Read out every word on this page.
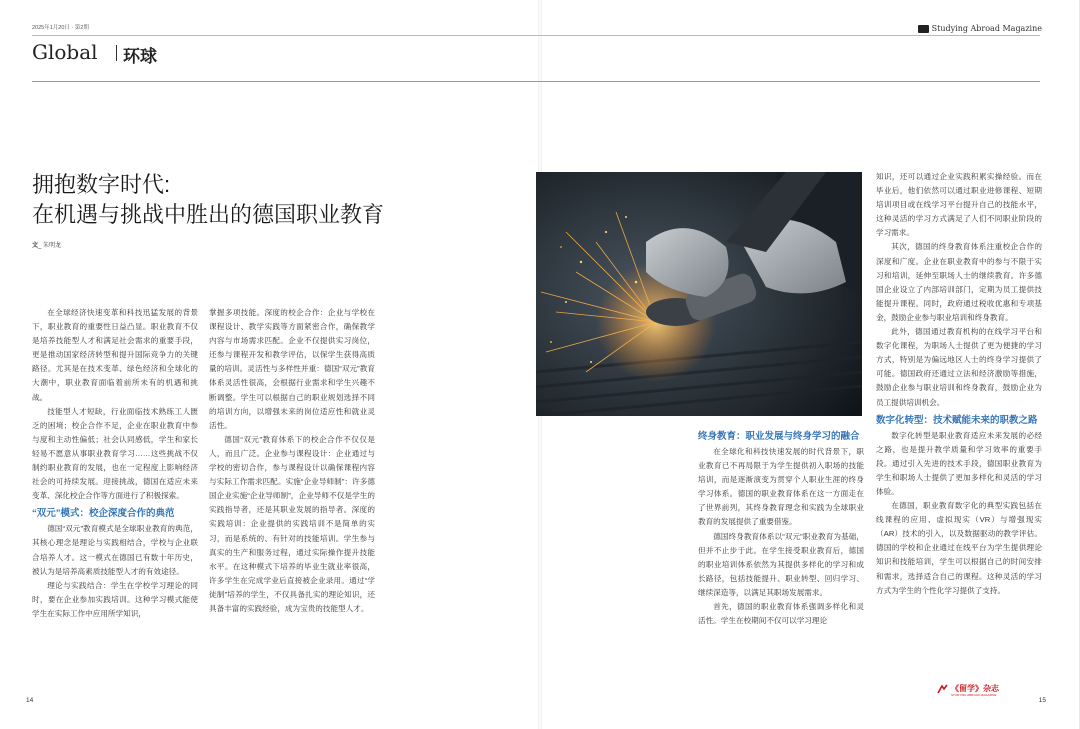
2025年1月20日 · 第2期	Studying Abroad Magazine
Global 环球
拥抱数字时代:
在机遇与挑战中胜出的德国职业教育
文_ 朱明龙

在全球经济快速变革和科技迅猛发展的背景下，职业教育的重要性日益凸显。职业教育不仅是培养技能型人才和满足社会需求的重要手段，更是推动国家经济转型和提升国际竞争力的关键路径。尤其是在技术变革、绿色经济和全球化的大潮中，职业教育面临着前所未有的机遇和挑战。

技能型人才短缺，行业面临技术熟练工人匮乏的困境；校企合作不足，企业在职业教育中参与度和主动性偏低；社会认同感低，学生和家长轻易不愿意从事职业教育学习……这些挑战不仅制约职业教育的发展，也在一定程度上影响经济社会的可持续发展。迎接挑战，德国在适应未来变革、深化校企合作等方面进行了积极探索。

“双元”模式：校企深度合作的典范

德国“双元”教育模式是全球职业教育的典范，其核心理念是理论与实践相结合，学校与企业联合培养人才。这一模式在德国已有数十年历史，被认为是培养高素质技能型人才的有效途径。

理论与实践结合：学生在学校学习理论的同时，要在企业参加实践培训。这种学习模式能使学生在实际工作中应用所学知识，

掌握多项技能。深度的校企合作：企业与学校在课程设计、教学实践等方面紧密合作，确保教学内容与市场需求匹配。企业不仅提供实习岗位，还参与课程开发和教学评估，以保学生获得高质量的培训。灵活性与多样性并重：德国“双元”教育体系灵活性很高，会根据行业需求和学生兴趣不断调整。学生可以根据自己的职业规划选择不同的培训方向，以增强未来的岗位适应性和就业灵活性。

德国“双元”教育体系下的校企合作不仅仅是人，而且广泛。企业参与课程设计：企业通过与学校的密切合作，参与课程设计以确保课程内容与实际工作需求匹配。实施“企业导师制”：许多德国企业实施“企业导师制”，企业导师不仅是学生的实践指导者，还是其职业发展的指导者。深度的实践培训：企业提供的实践培训不是简单的实习，而是系统的、有针对的技能培训。学生参与真实的生产和服务过程，通过实际操作提升技能水平。在这种模式下培养的毕业生就业率很高，许多学生在完成学业后直接被企业录用。通过“学徒制”培养的学生，不仅具备扎实的理论知识，还具备丰富的实践经验，成为宝贵的技能型人才。

终身教育：职业发展与终身学习的融合

在全球化和科技快速发展的时代背景下，职业教育已不再局限于为学生提供初入职场的技能培训，而是逐渐演变为贯穿个人职业生涯的终身学习体系。德国的职业教育体系在这一方面走在了世界前列，其终身教育理念和实践为全球职业教育的发展提供了重要借鉴。

德国终身教育体系以“双元”职业教育为基础，但并不止步于此。在学生接受职业教育后，德国的职业培训体系依然为其提供多样化的学习和成长路径，包括技能提升、职业转型、回归学习、继续深造等，以满足其职场发展需求。

首先，德国的职业教育体系强调多样化和灵活性。学生在校期间不仅可以学习理论

知识，还可以通过企业实践积累实操经验。而在毕业后，他们依然可以通过职业进修课程、短期培训项目或在线学习平台提升自己的技能水平，这种灵活的学习方式满足了人们不同职业阶段的学习需求。

其次，德国的终身教育体系注重校企合作的深度和广度。企业在职业教育中的参与不限于实习和培训，延伸至职场人士的继续教育。许多德国企业设立了内部培训部门，定期为员工提供技能提升课程。同时，政府通过税收优惠和专项基金，鼓励企业参与职业培训和终身教育。

此外，德国通过教育机构的在线学习平台和数字化课程，为职场人士提供了更为便捷的学习方式，特别是为偏远地区人士的终身学习提供了可能。德国政府还通过立法和经济激励等措施，鼓励企业参与职业培训和终身教育，鼓励企业为员工提供培训机会。

数字化转型：技术赋能未来的职教之路

数字化转型是职业教育适应未来发展的必经之路，也是提升教学质量和学习效率的重要手段。通过引入先进的技术手段，德国职业教育为学生和职场人士提供了更加多样化和灵活的学习体验。

在德国，职业教育数字化的典型实践包括在线课程的应用、虚拟现实（VR）与增强现实（AR）技术的引入，以及数据驱动的教学评估。德国的学校和企业通过在线平台为学生提供理论知识和技能培训，学生可以根据自己的时间安排和需求，选择适合自己的课程。这种灵活的学习方式为学生的个性化学习提供了支持。

14	15
《留学》杂志
STUDYING ABROAD MAGAZINE
